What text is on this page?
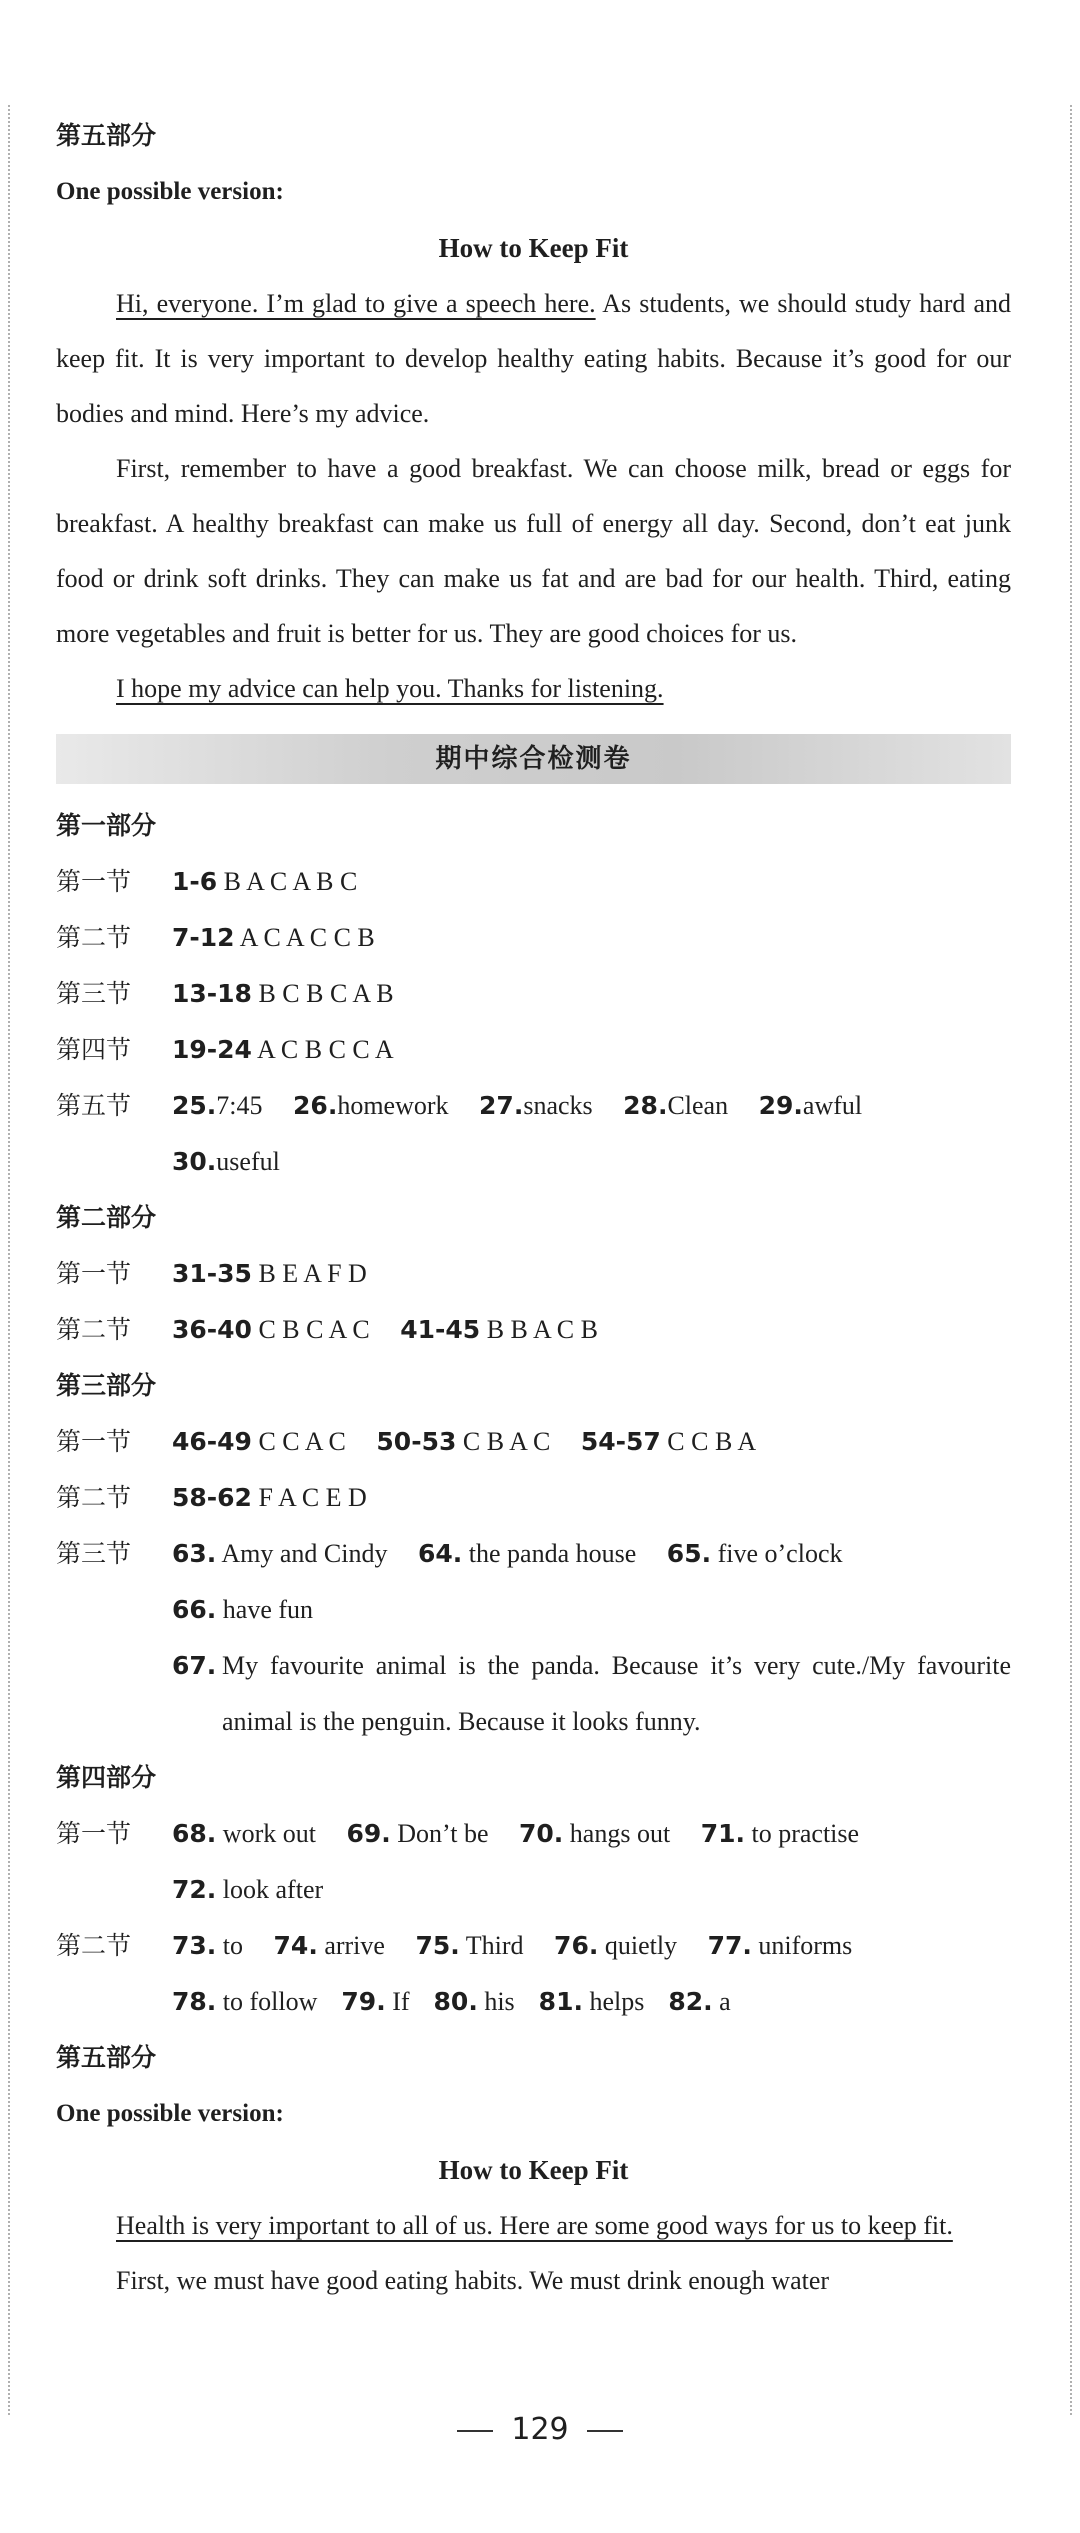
第五部分
One possible version:
How to Keep Fit

Hi, everyone. I’m glad to give a speech here. As students, we should study hard and keep fit. It is very important to develop healthy eating habits. Because it’s good for our bodies and mind. Here’s my advice.

First, remember to have a good breakfast. We can choose milk, bread or eggs for breakfast. A healthy breakfast can make us full of energy all day. Second, don’t eat junk food or drink soft drinks. They can make us fat and are bad for our health. Third, eating more vegetables and fruit is better for us. They are good choices for us.

I hope my advice can help you. Thanks for listening.

期中综合检测卷
第一部分
第一节	1-6 B A C A B C
第二节	7-12 A C A C C B
第三节	13-18 B C B C A B
第四节	19-24 A C B C C A
第五节	25.7:45 26.homework 27.snacks 28.Clean 29.awful
30.useful
第二部分
第一节	31-35 B E A F D
第二节	36-40 C B C A C 41-45 B B A C B
第三部分
第一节	46-49 C C A C 50-53 C B A C 54-57 C C B A
第二节	58-62 F A C E D
第三节	63. Amy and Cindy 64. the panda house 65. five o’clock
66. have fun
67. My favourite animal is the panda. Because it’s very cute./My favourite animal is the penguin. Because it looks funny.
第四部分
第一节	68. work out 69. Don’t be 70. hangs out 71. to practise
72. look after
第二节	73. to 74. arrive 75. Third 76. quietly 77. uniforms
78. to follow 79. If 80. his 81. helps 82. a
第五部分
One possible version:
How to Keep Fit

Health is very important to all of us. Here are some good ways for us to keep fit.

First, we must have good eating habits. We must drink enough water

129
